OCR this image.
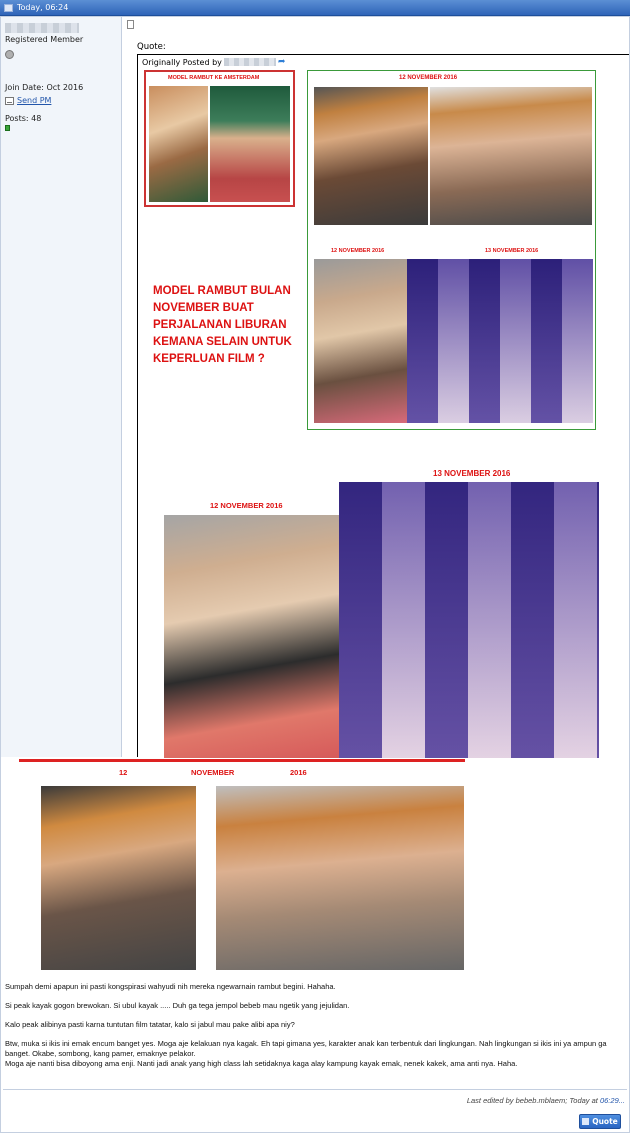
Today, 06:24
Registered Member
Join Date: Oct 2016
Send PM
Posts: 48
Quote:
Originally Posted by	➦
MODEL RAMBUT KE AMSTERDAM	12 NOVEMBER 2016
12 NOVEMBER 2016	13 NOVEMBER 2016
MODEL RAMBUT BULAN NOVEMBER BUAT PERJALANAN LIBURAN KEMANA SELAIN UNTUK KEPERLUAN FILM ?
13 NOVEMBER 2016
12 NOVEMBER 2016
12	NOVEMBER	2016

Sumpah demi apapun ini pasti kongspirasi wahyudi nih mereka ngewarnain rambut begini. Hahaha.

Si peak kayak gogon brewokan. Si ubul kayak ..... Duh ga tega jempol bebeb mau ngetik yang jejulidan.

Kalo peak alibinya pasti karna tuntutan film tatatar, kalo si jabul mau pake alibi apa niy?

Btw, muka si ikis ini emak encum banget yes. Moga aje kelakuan nya kagak. Eh tapi gimana yes, karakter anak kan terbentuk dari lingkungan. Nah lingkungan si ikis ini ya ampun ga banget. Okabe, sombong, kang pamer, emaknye pelakor.

Moga aje nanti bisa diboyong ama enji. Nanti jadi anak yang high class lah setidaknya kaga alay kampung kayak emak, nenek kakek, ama anti nya. Haha.

Last edited by bebeb.mblaem; Today at 06:29...
Quote
